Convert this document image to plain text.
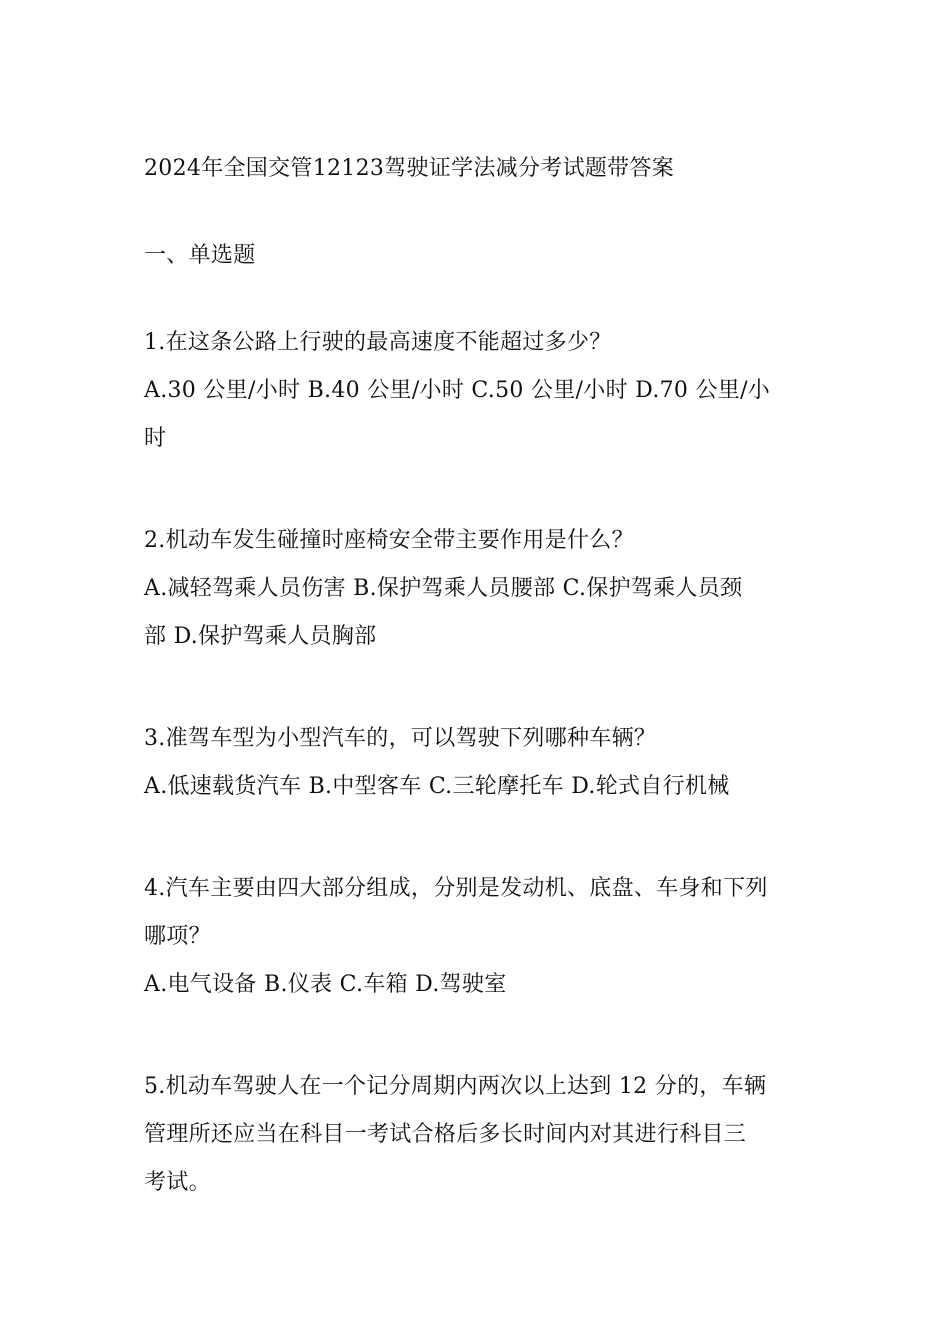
2024年全国交管12123驾驶证学法减分考试题带答案
一、单选题
1.在这条公路上行驶的最高速度不能超过多少？
A.30 公里/小时 B.40 公里/小时 C.50 公里/小时 D.70 公里/小
时
2.机动车发生碰撞时座椅安全带主要作用是什么？
A.减轻驾乘人员伤害 B.保护驾乘人员腰部 C.保护驾乘人员颈
部 D.保护驾乘人员胸部
3.准驾车型为小型汽车的，可以驾驶下列哪种车辆？
A.低速载货汽车 B.中型客车 C.三轮摩托车 D.轮式自行机械
4.汽车主要由四大部分组成，分别是发动机、底盘、车身和下列
哪项？
A.电气设备 B.仪表 C.车箱 D.驾驶室
5.机动车驾驶人在一个记分周期内两次以上达到 12 分的，车辆
管理所还应当在科目一考试合格后多长时间内对其进行科目三
考试。
